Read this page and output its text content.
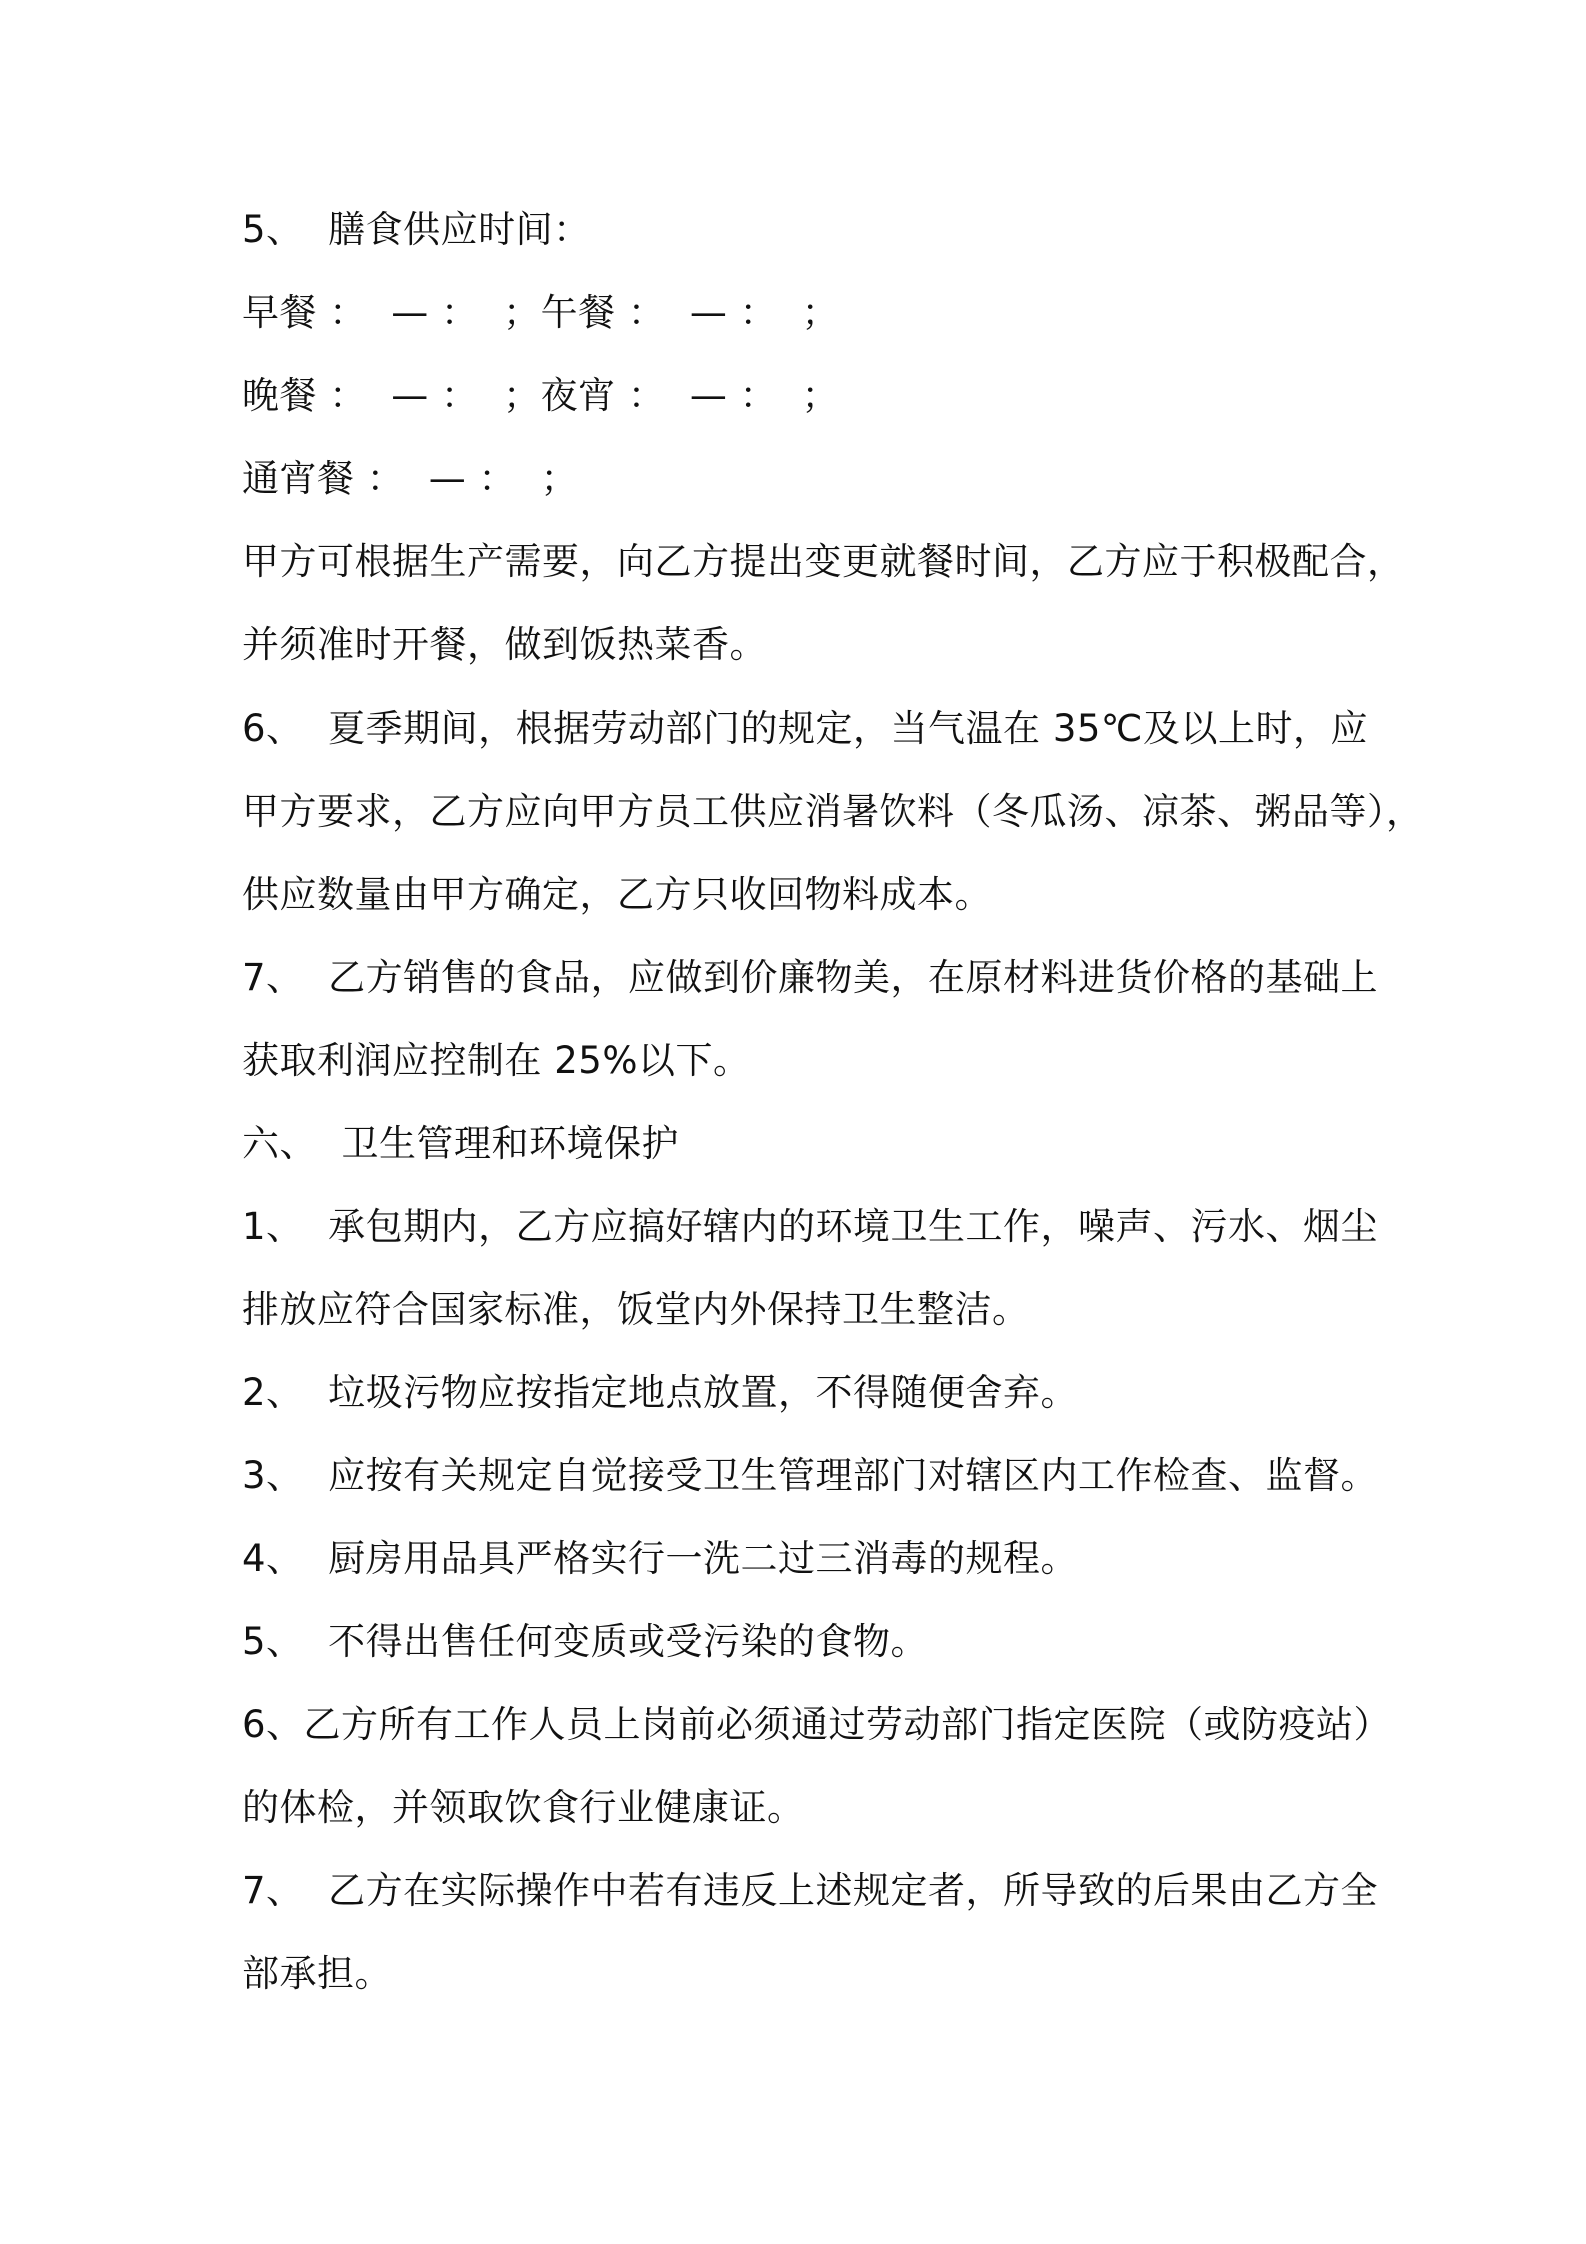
5、  膳食供应时间：
早餐 ：  — ：  ；午餐 ：  — ：  ；
晚餐 ：  — ：  ；夜宵 ：  — ：  ；
通宵餐 ：  — ：  ；
甲方可根据生产需要，向乙方提出变更就餐时间，乙方应于积极配合，
并须准时开餐，做到饭热菜香。
6、  夏季期间，根据劳动部门的规定，当气温在 35℃及以上时，应
甲方要求，乙方应向甲方员工供应消暑饮料（冬瓜汤、凉茶、粥品等），
供应数量由甲方确定，乙方只收回物料成本。
7、  乙方销售的食品，应做到价廉物美，在原材料进货价格的基础上
获取利润应控制在 25%以下。
六、  卫生管理和环境保护
1、  承包期内，乙方应搞好辖内的环境卫生工作，噪声、污水、烟尘
排放应符合国家标准，饭堂内外保持卫生整洁。
2、  垃圾污物应按指定地点放置，不得随便舍弃。
3、  应按有关规定自觉接受卫生管理部门对辖区内工作检查、监督。
4、  厨房用品具严格实行一洗二过三消毒的规程。
5、  不得出售任何变质或受污染的食物。
6、乙方所有工作人员上岗前必须通过劳动部门指定医院（或防疫站）
的体检，并领取饮食行业健康证。
7、  乙方在实际操作中若有违反上述规定者，所导致的后果由乙方全
部承担。
